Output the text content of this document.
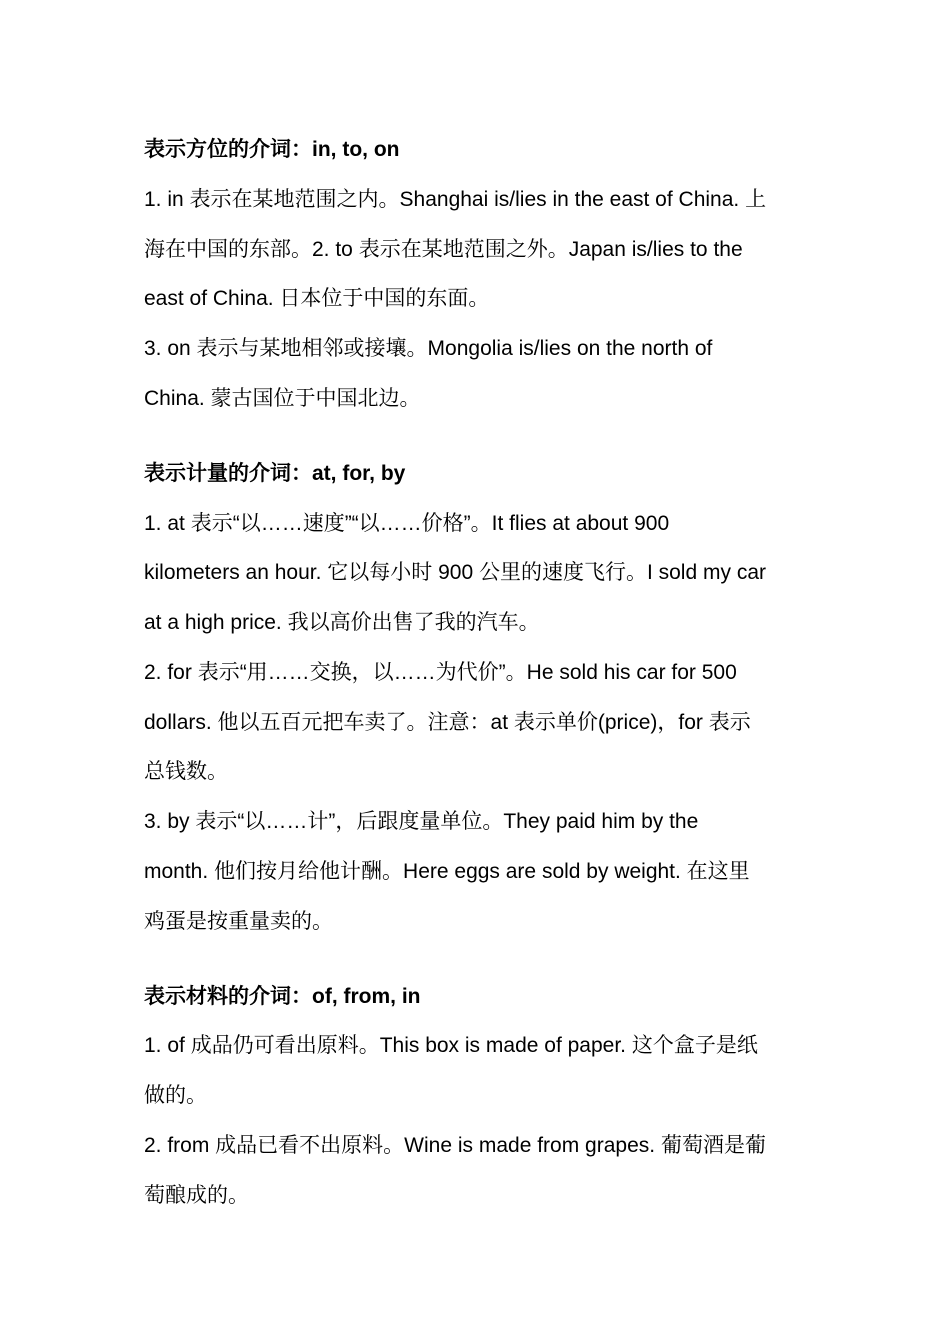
表示方位的介词：in, to, on
1. in 表示在某地范围之内。Shanghai is/lies in the east of China. 上
海在中国的东部。2. to 表示在某地范围之外。Japan is/lies to the
east of China. 日本位于中国的东面。
3. on 表示与某地相邻或接壤。Mongolia is/lies on the north of
China. 蒙古国位于中国北边。
表示计量的介词：at, for, by
1. at 表示“以……速度”“以……价格”。It flies at about 900
kilometers an hour. 它以每小时 900 公里的速度飞行。I sold my car
at a high price. 我以高价出售了我的汽车。
2. for 表示“用……交换，以……为代价”。He sold his car for 500
dollars. 他以五百元把车卖了。注意：at 表示单价(price)，for 表示
总钱数。
3. by 表示“以……计”，后跟度量单位。They paid him by the
month. 他们按月给他计酬。Here eggs are sold by weight. 在这里
鸡蛋是按重量卖的。
表示材料的介词：of, from, in
1. of 成品仍可看出原料。This box is made of paper. 这个盒子是纸
做的。
2. from 成品已看不出原料。Wine is made from grapes. 葡萄酒是葡
萄酿成的。
